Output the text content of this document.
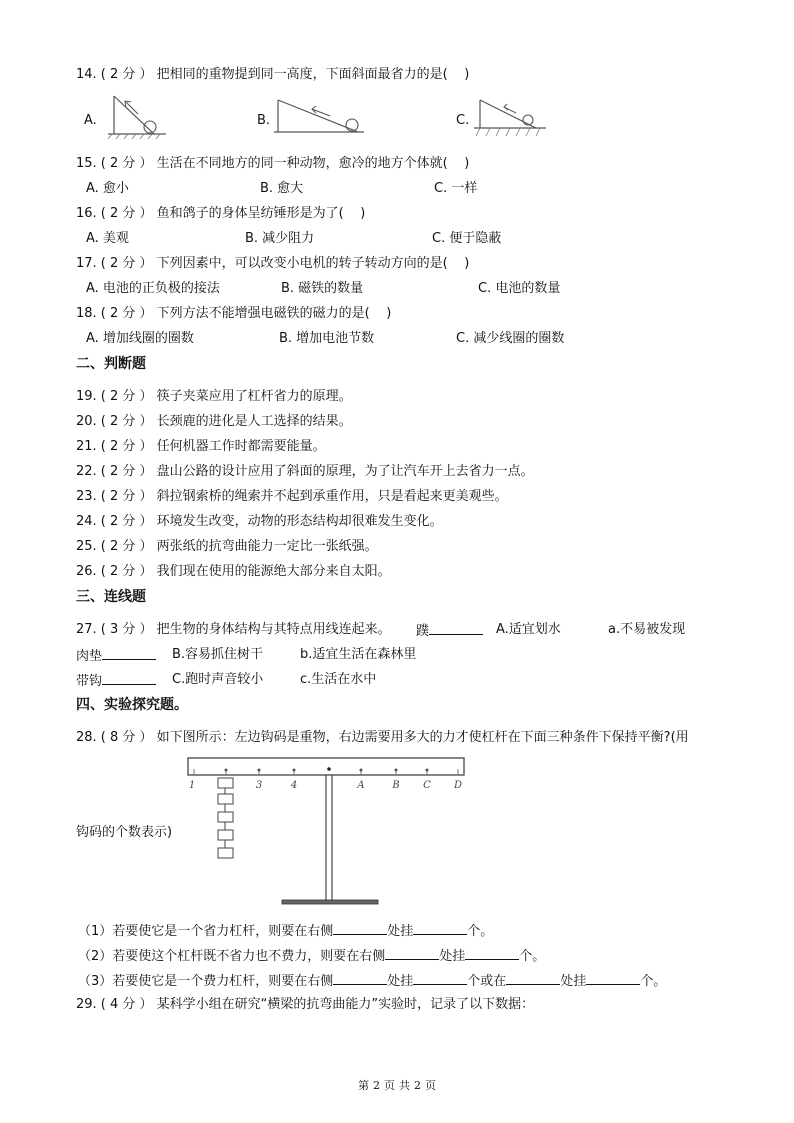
14. ( 2 分 ） 把相同的重物提到同一高度，下面斜面最省力的是(    )
A.	B.	C.
15. ( 2 分 ） 生活在不同地方的同一种动物，愈冷的地方个体就(    )
A. 愈小	B. 愈大	C. 一样
16. ( 2 分 ） 鱼和鸽子的身体呈纺锤形是为了(    )
A. 美观	B. 减少阻力	C. 便于隐蔽
17. ( 2 分 ） 下列因素中，可以改变小电机的转子转动方向的是(    )
A. 电池的正负极的接法	B. 磁铁的数量	C. 电池的数量
18. ( 2 分 ） 下列方法不能增强电磁铁的磁力的是(    )
A. 增加线圈的圈数	B. 增加电池节数	C. 减少线圈的圈数
二、判断题
19. ( 2 分 ） 筷子夹菜应用了杠杆省力的原理。
20. ( 2 分 ） 长颈鹿的进化是人工选择的结果。
21. ( 2 分 ） 任何机器工作时都需要能量。
22. ( 2 分 ） 盘山公路的设计应用了斜面的原理，为了让汽车开上去省力一点。
23. ( 2 分 ） 斜拉钢索桥的绳索并不起到承重作用，只是看起来更美观些。
24. ( 2 分 ） 环境发生改变，动物的形态结构却很难发生变化。
25. ( 2 分 ） 两张纸的抗弯曲能力一定比一张纸强。
26. ( 2 分 ） 我们现在使用的能源绝大部分来自太阳。
三、连线题
27. ( 3 分 ） 把生物的身体结构与其特点用线连起来。 蹼	A.适宜划水	a.不易被发现
肉垫	B.容易抓住树干	b.适宜生活在森林里
带钩	C.跑时声音较小	c.生活在水中
四、实验探究题。
28. ( 8 分 ） 如下图所示：左边钩码是重物，右边需要用多大的力才使杠杆在下面三种条件下保持平衡?(用
钩码的个数表示)
1	3	4	A	B C D
（1）若要使它是一个省力杠杆，则要在右侧	处挂	个。
（2）若要使这个杠杆既不省力也不费力，则要在右侧	处挂	个。
（3）若要使它是一个费力杠杆，则要在右侧	处挂	个或在	处挂	个。
29. ( 4 分 ） 某科学小组在研究“横梁的抗弯曲能力”实验时，记录了以下数据：
第 2 页 共 2 页
